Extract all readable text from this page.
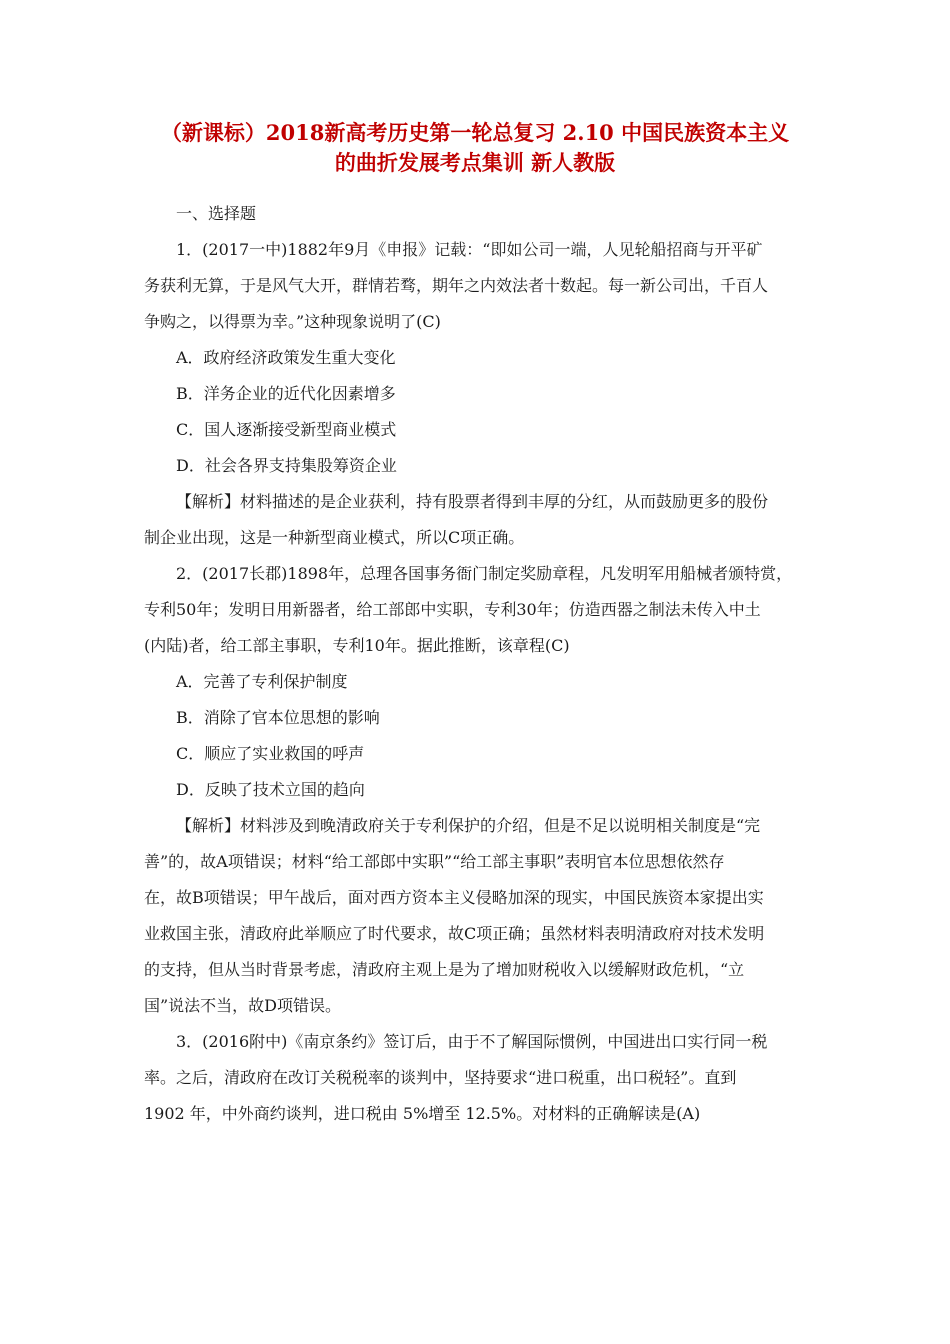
（新课标）2018新高考历史第一轮总复习 2.10 中国民族资本主义
的曲折发展考点集训 新人教版
一、选择题
1．(2017一中)1882年9月《申报》记载：“即如公司一端，人见轮船招商与开平矿
务获利无算，于是风气大开，群情若骛，期年之内效法者十数起。每一新公司出，千百人
争购之，以得票为幸。”这种现象说明了(C)
A．政府经济政策发生重大变化
B．洋务企业的近代化因素增多
C．国人逐渐接受新型商业模式
D．社会各界支持集股筹资企业
【解析】材料描述的是企业获利，持有股票者得到丰厚的分红，从而鼓励更多的股份
制企业出现，这是一种新型商业模式，所以C项正确。
2．(2017长郡)1898年，总理各国事务衙门制定奖励章程，凡发明军用船械者颁特赏，
专利50年；发明日用新器者，给工部郎中实职，专利30年；仿造西器之制法未传入中土
(内陆)者，给工部主事职，专利10年。据此推断，该章程(C)
A．完善了专利保护制度
B．消除了官本位思想的影响
C．顺应了实业救国的呼声
D．反映了技术立国的趋向
【解析】材料涉及到晚清政府关于专利保护的介绍，但是不足以说明相关制度是“完
善”的，故A项错误；材料“给工部郎中实职”“给工部主事职”表明官本位思想依然存
在，故B项错误；甲午战后，面对西方资本主义侵略加深的现实，中国民族资本家提出实
业救国主张，清政府此举顺应了时代要求，故C项正确；虽然材料表明清政府对技术发明
的支持，但从当时背景考虑，清政府主观上是为了增加财税收入以缓解财政危机，“立
国”说法不当，故D项错误。
3．(2016附中)《南京条约》签订后，由于不了解国际惯例，中国进出口实行同一税
率。之后，清政府在改订关税税率的谈判中，坚持要求“进口税重，出口税轻”。直到
1902 年，中外商约谈判，进口税由 5%增至 12.5%。对材料的正确解读是(A)
